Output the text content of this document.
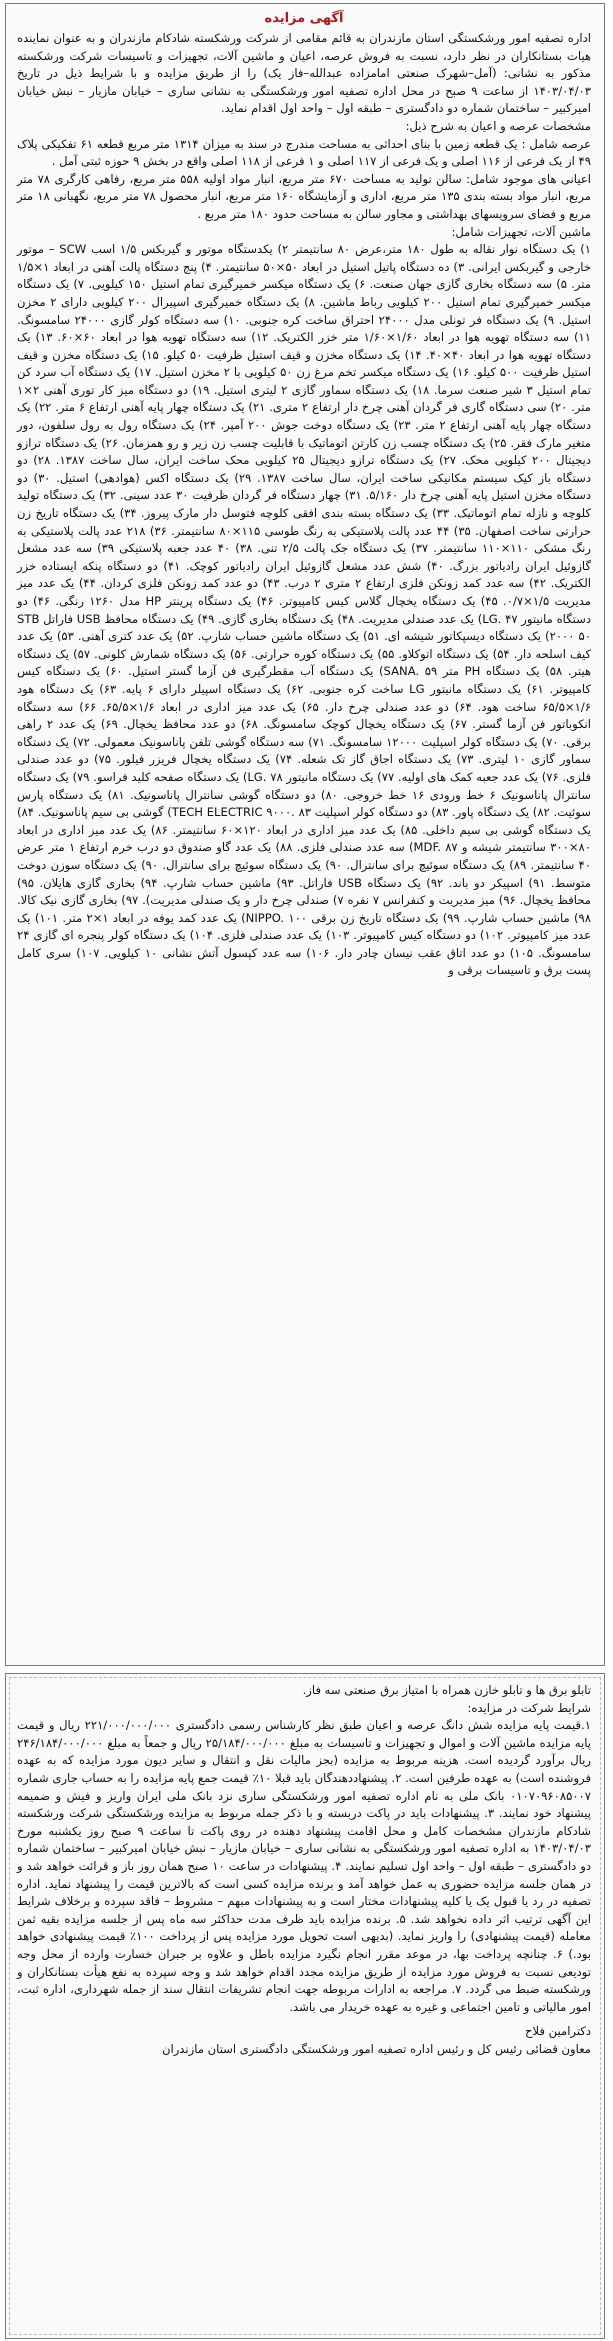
آگهی مزایده

اداره تصفیه امور ورشکستگی استان مازندران به قائم مقامی از شرکت ورشکسته شادکام مازندران و به عنوان نماینده هیات بستانکاران در نظر دارد، نسبت به فروش عرصه، اعیان و ماشین آلات، تجهیزات و تاسیسات شرکت ورشکسته مذکور به نشانی: (آمل–شهرک صنعتی امامزاده عبدالله–فاز یک) را از طریق مزایده و با شرایط ذیل در تاریخ ۱۴۰۳/۰۴/۰۳ از ساعت ۹ صبح در محل اداره تصفیه امور ورشکستگی به نشانی ساری – خیابان مازیار – نبش خیابان امیرکبیر – ساختمان شماره دو دادگستری – طبقه اول – واحد اول اقدام نماید.

مشخصات عرصه و اعیان به شرح ذیل:

عرصه شامل : یک قطعه زمین با بنای احداثی به مساحت مندرج در سند به میزان ۱۳۱۴ متر مربع قطعه ۶۱ تفکیکی پلاک ۴۹ از یک فرعی از ۱۱۶ اصلی و یک فرعی از ۱۱۷ اصلی و ۱ فرعی از ۱۱۸ اصلی واقع در بخش ۹ حوزه ثبتی آمل .

اعیانی های موجود شامل: سالن تولید به مساحت ۶۷۰ متر مربع، انبار مواد اولیه ۵۵۸ متر مربع، رفاهی کارگری ۷۸ متر مربع، انبار مواد بسته بندی ۱۳۵ متر مربع، اداری و آزمایشگاه ۱۶۰ متر مربع، انبار محصول ۷۸ متر مربع، نگهبانی ۱۸ متر مربع و فضای سرویسهای بهداشتی و مجاور سالن به مساحت حدود ۱۸۰ متر مربع .

ماشین آلات، تجهیزات شامل:

۱) یک دستگاه نوار نقاله به طول ۱۸۰ متر،عرض ۸۰ سانتیمتر ۲) یکدستگاه موتور و گیربکس ۱/۵ اسب SCW – موتور خارجی و گیربکس ایرانی. ۳) ده دستگاه پاتیل استیل در ابعاد ۵۰×۵۰ سانتیمتر. ۴) پنج دستگاه پالت آهنی در ابعاد ۱×۱/۵ متر. ۵) سه دستگاه بخاری گازی جهان صنعت. ۶) یک دستگاه میکسر خمیرگیری تمام استیل ۱۵۰ کیلویی. ۷) یک دستگاه میکسر خمیرگیری تمام استیل ۲۰۰ کیلویی رباط ماشین. ۸) یک دستگاه خمیرگیری اسپیرال ۲۰۰ کیلویی دارای ۲ مخزن استیل. ۹) یک دستگاه فر تونلی مدل ۲۴۰۰۰ احتراق ساخت کره جنوبی. ۱۰) سه دستگاه کولر گازی ۲۴۰۰۰ سامسونگ. ۱۱) سه دستگاه تهویه هوا در ابعاد ۱/۶۰×۱/۶۰ متر خزر الکتریک. ۱۲) سه دستگاه تهویه هوا در ابعاد ۶۰×۶۰. ۱۳) یک دستگاه تهویه هوا در ابعاد ۴۰×۴۰. ۱۴) یک دستگاه مخزن و قیف استیل ظرفیت ۵۰ کیلو. ۱۵) یک دستگاه مخزن و قیف استیل ظرفیت ۵۰۰ کیلو. ۱۶) یک دستگاه میکسر تخم مرغ زن ۵۰ کیلویی با ۲ مخزن استیل. ۱۷) یک دستگاه آب سرد کن تمام استیل ۳ شیر صنعت سرما. ۱۸) یک دستگاه سماور گازی ۲ لیتری استیل. ۱۹) دو دستگاه میز کار توری آهنی ۲×۱ متر. ۲۰) سی دستگاه گاری فر گردان آهنی چرخ دار ارتفاع ۲ متری. ۲۱) یک دستگاه چهار پایه آهنی ارتفاع ۶ متر. ۲۲) یک دستگاه چهار پایه آهنی ارتفاع ۲ متر. ۲۳) یک دستگاه دوخت جوش ۲۰۰ آمپر. ۲۴) یک دستگاه رول به رول سلفون، دور متغیر مارک فقر. ۲۵) یک دستگاه چسب زن کارتن اتوماتیک با قابلیت چسب زن زیر و رو همزمان. ۲۶) یک دستگاه ترازو دیجیتال ۲۰۰ کیلویی محک. ۲۷) یک دستگاه ترازو دیجیتال ۲۵ کیلویی محک ساخت ایران، سال ساخت ۱۳۸۷. ۲۸) دو دستگاه باز کیک سیستم مکانیکی ساخت ایران، سال ساخت ۱۳۸۷. ۲۹) یک دستگاه اکس (هوادهی) استیل. ۳۰) دو دستگاه مخزن استیل پایه آهنی چرخ دار ۵/۱۶۰. ۳۱) چهار دستگاه فر گردان ظرفیت ۳۰ عدد سینی. ۳۲) یک دستگاه تولید کلوچه و نازله تمام اتوماتیک. ۳۳) یک دستگاه بسته بندی افقی کلوچه فتوسل دار مارک پیروز. ۳۴) یک دستگاه تاریخ زن حرارتی ساخت اصفهان. ۳۵) ۴۴ عدد پالت پلاستیکی به رنگ طوسی ۱۱۵×۸۰ سانتیمتر. ۳۶) ۲۱۸ عدد پالت پلاستیکی به رنگ مشکی ۱۱۰×۱۱۰ سانتیمتر. ۳۷) یک دستگاه جک پالت ۲/۵ تنی. ۳۸) ۴۰ عدد جعبه پلاستیکی ۳۹) سه عدد مشعل گازوئیل ایران رادیاتور بزرگ. ۴۰) شش عدد مشعل گازوئیل ایران رادیاتور کوچک. ۴۱) دو دستگاه پنکه ایستاده خزر الکتریک. ۴۲) سه عدد کمد زونکن فلزی ارتفاع ۲ متری ۲ درب. ۴۳) دو عدد کمد زونکن فلزی کردان. ۴۴) یک عدد میز مدیریت ۱/۵×۰/۷. ۴۵) یک دستگاه یخچال گلاس کیس کامپیوتر. ۴۶) یک دستگاه پرینتر HP مدل ۱۲۶۰ رنگی. ۴۶) دو دستگاه مانیتور LG. ۴۷) یک عدد صندلی مدیریت. ۴۸) یک دستگاه بخاری گازی. ۴۹) یک دستگاه محافظ USB فاراتل STB ۲۰۰۰ ۵۰) یک دستگاه دیسپکاتور شیشه ای. ۵۱) یک دستگاه ماشین حساب شارپ. ۵۲) یک عدد کتری آهنی. ۵۳) یک عدد کیف اسلحه دار. ۵۴) یک دستگاه اتوکلاو. ۵۵) یک دستگاه کوره حرارتی. ۵۶) یک دستگاه شمارش کلونی. ۵۷) یک دستگاه هیتر. ۵۸) یک دستگاه PH متر SANA. ۵۹) یک دستگاه آب مقطرگیری فن آزما گستر استیل. ۶۰) یک دستگاه کیس کامپیوتر. ۶۱) یک دستگاه مانیتور LG ساخت کره جنوبی. ۶۲) یک دستگاه اسپیلر دارای ۶ پایه. ۶۳) یک دستگاه هود ۱/۶×۶۵/۵ ساخت هود. ۶۴) دو عدد صندلی چرخ دار. ۶۵) یک عدد میز اداری در ابعاد ۱/۶×۶۵/۵. ۶۶) سه دستگاه انکوباتور فن آزما گستر. ۶۷) یک دستگاه یخچال کوچک سامسونگ. ۶۸) دو عدد محافظ یخچال. ۶۹) یک عدد ۲ راهی برقی. ۷۰) یک دستگاه کولر اسپلیت ۱۲۰۰۰ سامسونگ. ۷۱) سه دستگاه گوشی تلفن پاناسونیک معمولی. ۷۲) یک دستگاه سماور گازی ۱۰ لیتری. ۷۳) یک دستگاه اجاق گاز تک شعله. ۷۴) یک دستگاه یخچال فریزر فیلور. ۷۵) دو عدد صندلی فلزی. ۷۶) یک عدد جعبه کمک های اولیه. ۷۷) یک دستگاه مانیتور LG. ۷۸) یک دستگاه صفحه کلید فراسو. ۷۹) یک دستگاه سانترال پاناسونیک ۶ خط ورودی ۱۶ خط خروجی. ۸۰) دو دستگاه گوشی سانترال پاناسونیک. ۸۱) یک دستگاه پارس سوئیت. ۸۲) یک دستگاه پاور. ۸۳) دو دستگاه کولر اسپلیت TECH ELECTRIC ۹۰۰۰. ۸۳) گوشی بی سیم پاناسونیک. ۸۴) یک دستگاه گوشی بی سیم داخلی. ۸۵) یک عدد میز اداری در ابعاد ۱۲۰×۶۰ سانتیمتر. ۸۶) یک عدد میز اداری در ابعاد ۸۰×۳۰۰ سانتیمتر شیشه و MDF. ۸۷) سه عدد صندلی فلزی. ۸۸) یک عدد گاو صندوق دو درب خرم ارتفاع ۱ متر عرض ۴۰ سانتیمتر. ۸۹) یک دستگاه سوئیچ برای سانترال. ۹۰) یک دستگاه سوئیچ برای سانترال. ۹۰) یک دستگاه سوزن دوخت متوسط. ۹۱) اسپیکر دو باند. ۹۲) یک دستگاه USB فاراتل. ۹۳) ماشین حساب شارپ. ۹۴) بخاری گازی هایلان. ۹۵) محافظ یخچال. ۹۶) میز مدیریت و کنفرانس ۷ نفره ۷) صندلی چرخ دار و یک صندلی مدیریت). ۹۷) بخاری گازی نیک کالا. ۹۸) ماشین حساب شارپ. ۹۹) یک دستگاه تاریخ زن برقی NIPPO. ۱۰۰) یک عدد کمد یوفه در ابعاد ۱×۲ متر. ۱۰۱) یک عدد میز کامپیوتر. ۱۰۲) دو دستگاه کیس کامپیوتر. ۱۰۳) یک عدد صندلی فلزی. ۱۰۴) یک دستگاه کولر پنجره ای گازی ۲۴ سامسونگ. ۱۰۵) دو عدد اتاق عقب نیسان چادر دار. ۱۰۶) سه عدد کپسول آتش نشانی ۱۰ کیلویی. ۱۰۷) سری کامل پست برق و تاسیسات برقی و

تابلو برق ها و تابلو خازن همراه با امتیاز برق صنعتی سه فاز.

شرایط شرکت در مزایده:

۱.قیمت پایه مزایده شش دانگ عرصه و اعیان طبق نظر کارشناس رسمی دادگستری ۲۲۱/۰۰۰/۰۰۰/۰۰۰ ریال و قیمت پایه مزایده ماشین آلات و اموال و تجهیزات و تاسیسات به مبلغ ۲۵/۱۸۴/۰۰۰/۰۰۰ ریال و جمعاً به مبلغ ۲۴۶/۱۸۴/۰۰۰/۰۰۰ ریال برآورد گردیده است. هزینه مربوط به مزایده (بجز مالیات نقل و انتقال و سایر دیون مورد مزایده که به عهده فروشنده است) به عهده طرفین است. ۲. پیشنهاددهندگان باید قبلا ۱۰٪ قیمت جمع پایه مزایده را به حساب جاری شماره ۰۱۰۷۰۹۶۰۸۵۰۰۷ بانک ملی به نام اداره تصفیه امور ورشکستگی ساری نزد بانک ملی ایران واریز و فیش و ضمیمه پیشنهاد خود نمایند. ۳. پیشنهادات باید در پاکت دربسته و با ذکر جمله مربوط به مزایده ورشکستگی شرکت ورشکسته شادکام مازندران مشخصات کامل و محل اقامت پیشنهاد دهنده در روی پاکت تا ساعت ۹ صبح روز یکشنبه مورخ ۱۴۰۳/۰۴/۰۳ به اداره تصفیه امور ورشکستگی به نشانی ساری – خیابان مازیار – نبش خیابان امیرکبیر – ساختمان شماره دو دادگستری – طبقه اول – واحد اول تسلیم نمایند. ۴. پیشنهادات در ساعت ۱۰ صبح همان روز باز و قرائت خواهد شد و در همان جلسه مزایده حضوری به عمل خواهد آمد و برنده مزایده کسی است که بالاترین قیمت را پیشنهاد نماید. اداره تصفیه در رد یا قبول یک یا کلیه پیشنهادات مختار است و به پیشنهادات مبهم – مشروط – فاقد سپرده و برخلاف شرایط این آگهی ترتیب اثر داده نخواهد شد. ۵. برنده مزایده باید ظرف مدت حداکثر سه ماه پس از جلسه مزایده بقیه ثمن معامله (قیمت پیشنهادی) را واریز نماید. (بدیهی است تحویل مورد مزایده پس از پرداخت ۱۰۰٪ قیمت پیشنهادی خواهد بود.) ۶. چنانچه پرداخت بها، در موعد مقرر انجام نگیرد مزایده باطل و علاوه بر جبران خسارت وارده از محل وجه تودیعی نسبت به فروش مورد مزایده از طریق مزایده مجدد اقدام خواهد شد و وجه سپرده به نفع هیأت بستانکاران و ورشکسته ضبط می گردد. ۷. مراجعه به ادارات مربوطه جهت انجام تشریفات انتقال سند از جمله شهرداری، اداره ثبت، امور مالیاتی و تامین اجتماعی و غیره به عهده خریدار می باشد.

دکترامین فلاح

معاون قضائی رئیس کل و رئیس اداره تصفیه امور ورشکستگی دادگستری استان مازندران
